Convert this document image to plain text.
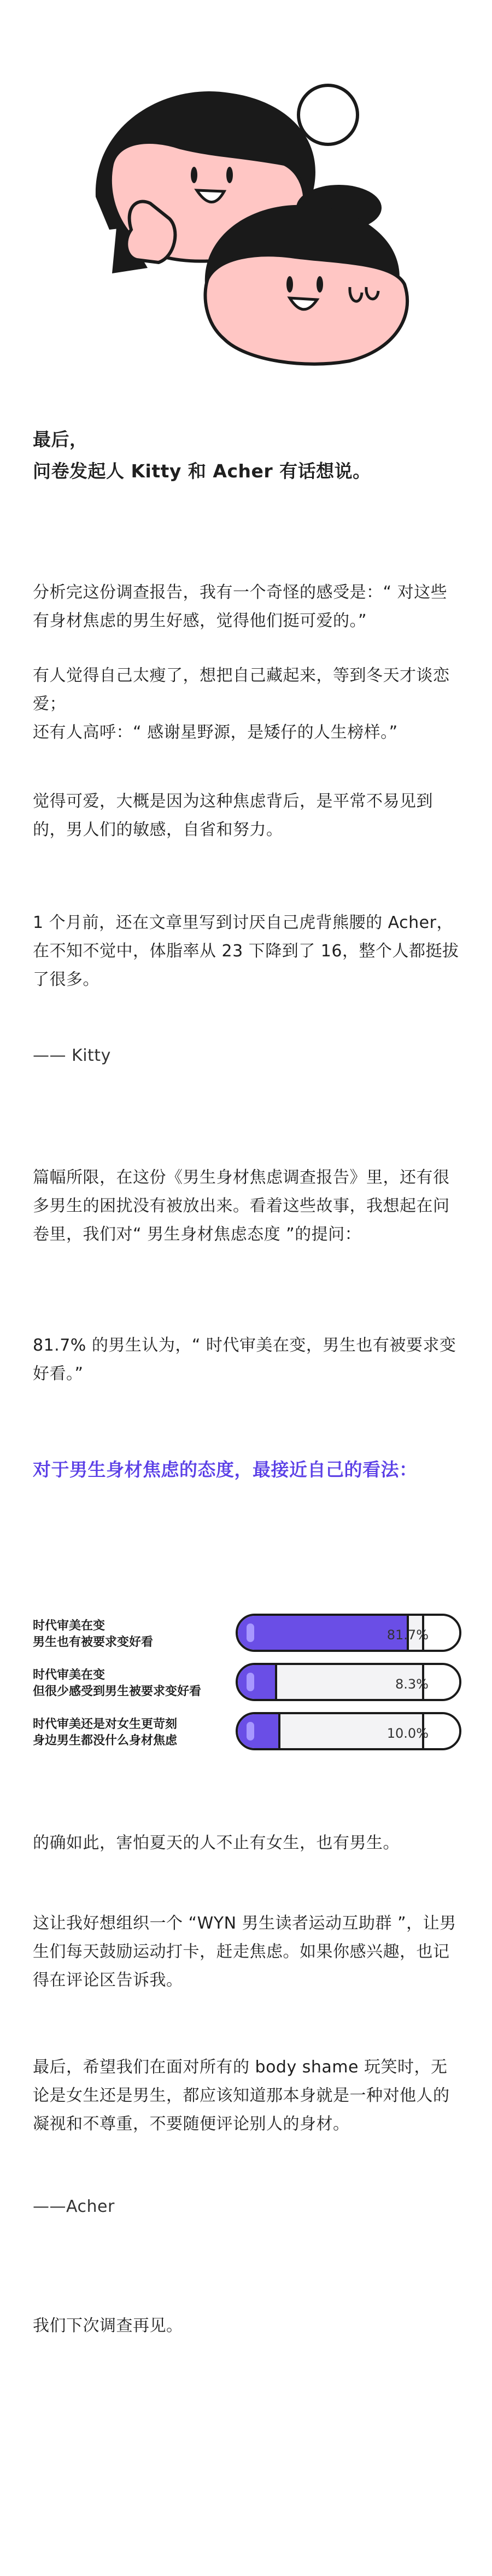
最后，

问卷发起人 Kitty 和 Acher 有话想说。

分析完这份调查报告，我有一个奇怪的感受是：“ 对这些有身材焦虑的男生好感，觉得他们挺可爱的。”

有人觉得自己太瘦了，想把自己藏起来，等到冬天才谈恋爱；

还有人高呼：“ 感谢星野源，是矮仔的人生榜样。”

觉得可爱，大概是因为这种焦虑背后，是平常不易见到的，男人们的敏感，自省和努力。

1 个月前，还在文章里写到讨厌自己虎背熊腰的 Acher，在不知不觉中，体脂率从 23 下降到了 16，整个人都挺拔了很多。

—— Kitty

篇幅所限，在这份《男生身材焦虑调查报告》里，还有很多男生的困扰没有被放出来。看着这些故事，我想起在问卷里，我们对“ 男生身材焦虑态度 ”的提问：

81.7% 的男生认为，“ 时代审美在变，男生也有被要求变好看。”

对于男生身材焦虑的态度，最接近自己的看法：

时代审美在变
男生也有被要求变好看	81.7%
时代审美在变
但很少感受到男生被要求变好看	8.3%
时代审美还是对女生更苛刻
身边男生都没什么身材焦虑	10.0%

的确如此，害怕夏天的人不止有女生，也有男生。

这让我好想组织一个 “WYN 男生读者运动互助群 ”，让男生们每天鼓励运动打卡，赶走焦虑。如果你感兴趣，也记得在评论区告诉我。

最后，希望我们在面对所有的 body shame 玩笑时，无论是女生还是男生，都应该知道那本身就是一种对他人的凝视和不尊重，不要随便评论别人的身材。

——Acher

我们下次调查再见。
